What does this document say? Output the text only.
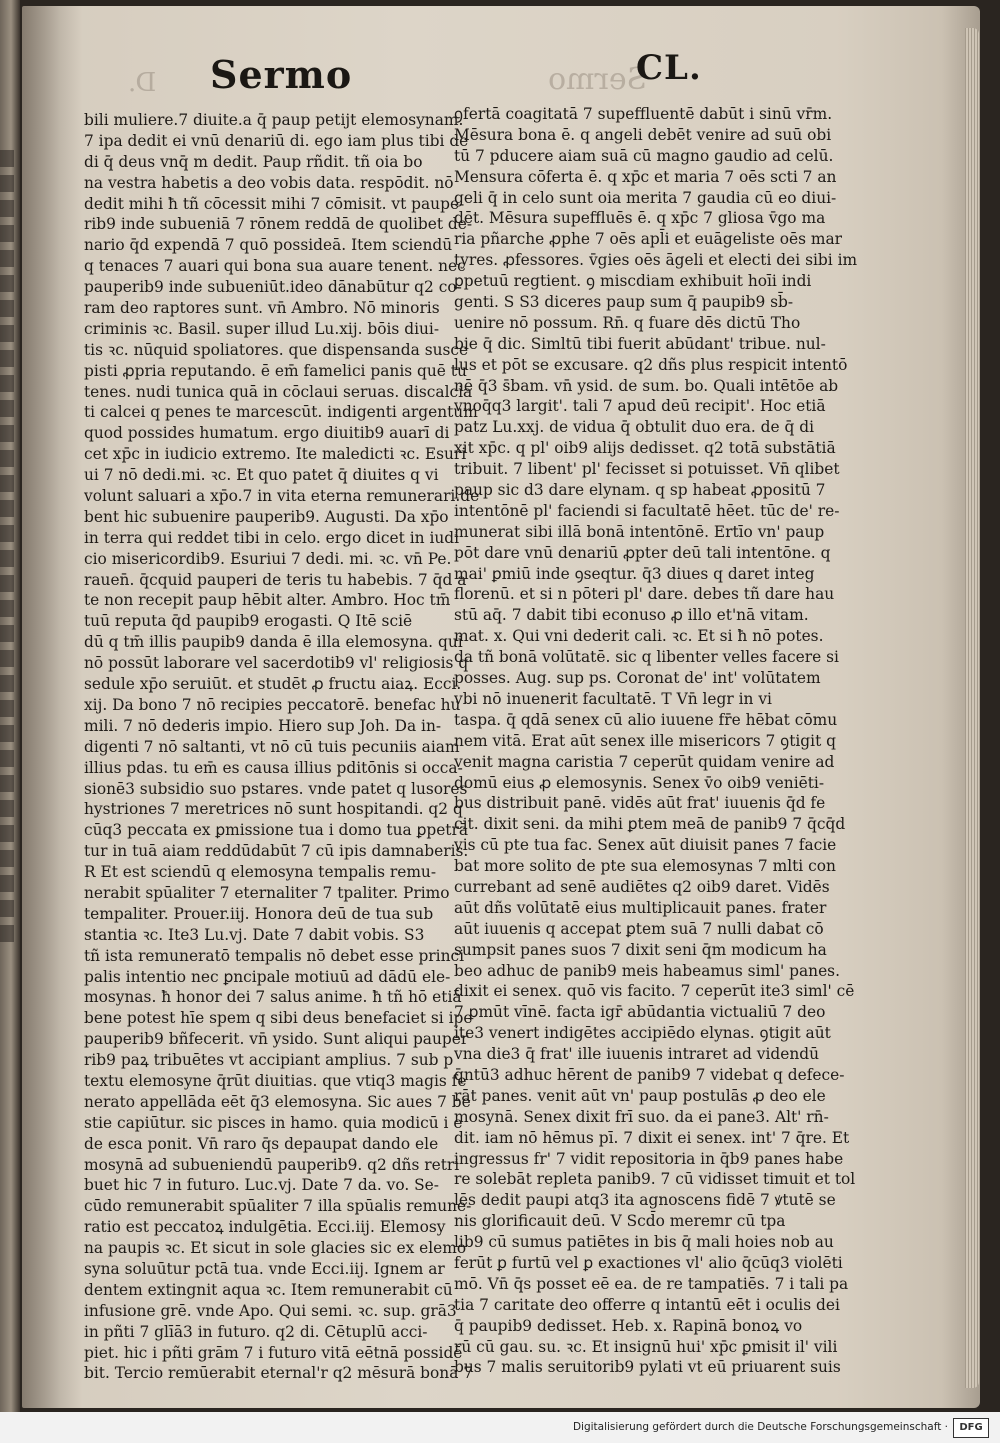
D. Sermo	Sermo
CL.
bili muliere.7 diuite.a q̄ paup petijt elemosynam.
7 ipa dedit ei vnū denariū di. ego iam plus tibi de
di q̄ deus vnq̄ m dedit. Paup rñdit. tñ oia bo
na vestra habetis a deo vobis data. respōdit. nō
dedit mihi ħ tñ cōcessit mihi 7 cōmisit. vt paupe-
rib9 inde subueniā 7 rōnem reddā de quolibet de-
nario q̄d expendā 7 quō possideā. Item sciendū
q tenaces 7 auari qui bona sua auare tenent. nec
pauperib9 inde subueniūt.ideo dānabūtur q2 co-
ram deo raptores sunt. vn̄ Ambro. Nō minoris
criminis ꝛc. Basil. super illud Lu.xij. bōis diui-
tis ꝛc. nūquid spoliatores. que dispensanda susce
pisti ꝓpria reputando. ē em̄ famelici panis quē tu
tenes. nudi tunica quā in cōclaui seruas. discalcia
ti calcei q penes te marcescūt. indigenti argentum
quod possides humatum. ergo diuitib9 auarī di
cet xp̄c in iudicio extremo. Ite maledicti ꝛc. Esuri
ui 7 nō dedi.mi. ꝛc. Et quo patet q̄ diuites q vi
volunt saluari a xp̄o.7 in vita eterna remunerari.de
bent hic subuenire pauperib9. Augusti. Da xp̄o
in terra qui reddet tibi in celo. ergo dicet in iudi
cio misericordib9. Esuriui 7 dedi. mi. ꝛc. vn̄ Pe.
rauen̄. q̄cquid pauperi de teris tu habebis. 7 q̄d a
te non recepit paup hēbit alter. Ambro. Hoc tm̄
tuū reputa q̄d paupib9 erogasti. Q Itē sciē
dū q tm̄ illis paupib9 danda ē illa elemosyna. qui
nō possūt laborare vel sacerdotib9 vl' religiosis q
sedule xp̄o seruiūt. et studēt ꝓ fructu aiaꝝ. Ecci.
xij. Da bono 7 nō recipies peccatorē. benefac hu
mili. 7 nō dederis impio. Hiero sup Joh. Da in-
digenti 7 nō saltanti, vt nō cū tuis pecuniis aiam
illius pdas. tu em̄ es causa illius pditōnis si occa-
sionē3 subsidio suo pstares. vnde patet q lusores
hystriones 7 meretrices nō sunt hospitandi. q2 q
cūq3 peccata ex ꝑmissione tua i domo tua ꝑpetrā
tur in tuā aiam reddūdabūt 7 cū ipis damnaberis.
R Et est sciendū q elemosyna tempalis remu-
nerabit spūaliter 7 eternaliter 7 tpaliter. Primo
tempaliter. Prouer.iij. Honora deū de tua sub
stantia ꝛc. Ite3 Lu.vj. Date 7 dabit vobis. S3
tñ ista remuneratō tempalis nō debet esse princi
palis intentio nec ꝑncipale motiuū ad dādū ele-
mosynas. ħ honor dei 7 salus anime. ħ tñ hō etiā
bene potest hīe spem q sibi deus benefaciet si ipe
pauperib9 bñfecerit. vn̄ ysido. Sunt aliqui pauper
rib9 paꝝ tribuētes vt accipiant amplius. 7 sub p
textu elemosyne q̄rūt diuitias. que vtiq3 magis fe
nerato appellāda eēt q̄3 elemosyna. Sic aues 7 be
stie capiūtur. sic pisces in hamo. quia modicū i e
de esca ponit. Vn̄ raro q̄s depaupat dando ele
mosynā ad subueniendū pauperib9. q2 dñs retri
buet hic 7 in futuro. Luc.vj. Date 7 da. vo. Se-
cūdo remunerabit spūaliter 7 illa spūalis remune-
ratio est peccatoꝝ indulgētia. Ecci.iij. Elemosy
na paupis ꝛc. Et sicut in sole glacies sic ex elemo
syna soluūtur pctā tua. vnde Ecci.iij. Ignem ar
dentem extingnit aqua ꝛc. Item remunerabit cū
infusione grē. vnde Apo. Qui semi. ꝛc. sup. grā3
in pñti 7 glīā3 in futuro. q2 di. Cētuplū acci-
piet. hic i pñti grām 7 i futuro vitā eētnā possidē
bit. Tercio remūerabit eternal'r q2 mēsurā bonā 7
ꝯfertā coagitatā 7 supeffluentē dabūt i sinū vr̄m.
Mēsura bona ē. q angeli debēt venire ad suū obi
tū 7 pducere aiam suā cū magno gaudio ad celū.
Mensura cōferta ē. q xp̄c et maria 7 oēs scti 7 an
geli q̄ in celo sunt oia merita 7 gaudia cū eo diui-
dēt. Mēsura supeffluēs ē. q xp̄c 7 gliosa v̄go ma
ria pñarche ꝓphe 7 oēs apl̄i et euāgeliste oēs mar
tyres. ꝓfessores. v̄gies oēs āgeli et electi dei sibi im
ꝑpetuū regtient. ꝯ miscdiam exhibuit hoīi indi
genti. S S3 diceres paup sum q̄ paupib9 sb̄-
uenire nō possum. Rn̄. q fuare dēs dictū Tho
bie q̄ dic. Simltū tibi fuerit abūdant' tribue. nul-
lus et pōt se excusare. q2 dñs plus respicit intentō
nē q̄3 s̄bam. vn̄ ysid. de sum. bo. Quali intētōe ab
vnoq̄q3 largit'. tali 7 apud deū recipit'. Hoc etiā
patz Lu.xxj. de vidua q̄ obtulit duo era. de q̄ di
xit xp̄c. q pl' oib9 alijs dedisset. q2 totā substātiā
tribuit. 7 libent' pl' fecisset si potuisset. Vn̄ qlibet
paup sic d3 dare elynam. q sp habeat ꝓpositū 7
intentōnē pl' faciendi si facultatē hēet. tūc de' re-
munerat sibi illā bonā intentōnē. Ertīo vn' paup
pōt dare vnū denariū ꝓpter deū tali intentōne. q
mai' ꝑmiū inde ꝯseqtur. q̄3 diues q daret integ
florenū. et si n pōteri pl' dare. debes tñ dare hau
stū aq̄. 7 dabit tibi econuso ꝓ illo et'nā vitam.
mat. x. Qui vni dederit cali. ꝛc. Et si ħ nō potes.
da tñ bonā volūtatē. sic q libenter velles facere si
posses. Aug. sup ps. Coronat de' int' volūtatem
vbi nō inuenerit facultatē. T Vn̄ legr in vi
taspa. q̄ qdā senex cū alio iuuene fr̄e hēbat cōmu
nem vitā. Erat aūt senex ille misericors 7 ꝯtigit q
venit magna caristia 7 ceperūt quidam venire ad
domū eius ꝓ elemosynis. Senex v̄o oib9 veniēti-
bus distribuit panē. vidēs aūt frat' iuuenis q̄d fe
cit. dixit seni. da mihi ꝑtem meā de panib9 7 q̄cq̄d
vis cū pte tua fac. Senex aūt diuisit panes 7 facie
bat more solito de pte sua elemosynas 7 mlti con
currebant ad senē audiētes q2 oib9 daret. Vidēs
aūt dñs volūtatē eius multiplicauit panes. frater
aūt iuuenis q accepat ꝑtem suā 7 nulli dabat cō
sumpsit panes suos 7 dixit seni q̄m modicum ha
beo adhuc de panib9 meis habeamus siml' panes.
dixit ei senex. quō vis facito. 7 ceperūt ite3 siml' cē
7 ꝑmūt vīnē. facta igr̄ abūdantia victualiū 7 deo
ite3 venert indigētes accipiēdo elynas. ꝯtigit aūt
vna die3 q̄ frat' ille iuuenis intraret ad videndū
q̄ntū3 adhuc hērent de panib9 7 videbat q defece-
rāt panes. venit aūt vn' paup postulās ꝓ deo ele
mosynā. Senex dixit frī suo. da ei pane3. Alt' rn̄-
dit. iam nō hēmus pī. 7 dixit ei senex. int' 7 q̄re. Et
ingressus fr' 7 vidit repositoria in q̄b9 panes habe
re solebāt repleta panib9. 7 cū vidisset timuit et tol
lēs dedit paupi atq3 ita agnoscens fidē 7 ꝟtutē se
nis glorificauit deū. V Scd̄o meremr cū tpa
lib9 cū sumus patiētes in bis q̄ mali hoies nob au
ferūt ꝑ furtū vel ꝑ exactiones vl' alio q̄cūq3 violēti
mō. Vn̄ q̄s posset eē ea. de re tampatiēs. 7 i tali pa
tia 7 caritate deo offerre q intantū eēt i oculis dei
q̄ paupib9 dedisset. Heb. x. Rapinā bonoꝝ vo
rū cū gau. su. ꝛc. Et insignū hui' xp̄c ꝑmisit il' vili
bus 7 malis seruitorib9 pylati vt eū priuarent suis
Digitalisierung gefördert durch die Deutsche Forschungsgemeinschaft ·	DFG
